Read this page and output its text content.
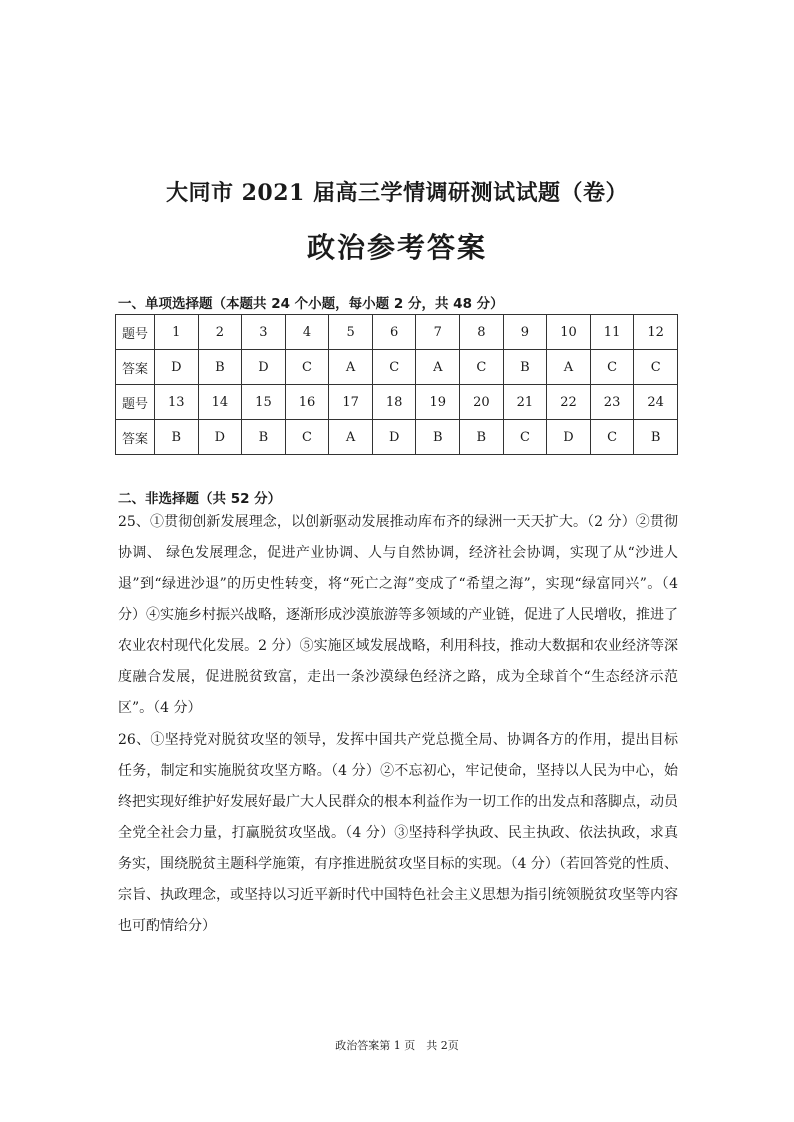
大同市 2021 届高三学情调研测试试题（卷）
政治参考答案
一、单项选择题（本题共 24 个小题，每小题 2 分，共 48 分）
题号	1	2	3	4	5	6	7	8	9	10	11	12
答案	D	B	D	C	A	C	A	C	B	A	C	C
题号	13	14	15	16	17	18	19	20	21	22	23	24
答案	B	D	B	C	A	D	B	B	C	D	C	B
二、非选择题（共 52 分）
25、①贯彻创新发展理念，以创新驱动发展推动库布齐的绿洲一天天扩大。（2 分）②贯彻协调、 绿色发展理念，促进产业协调、人与自然协调，经济社会协调，实现了从“沙进人退”到“绿进沙退”的历史性转变，将“死亡之海”变成了“希望之海”，实现“绿富同兴”。（4 分）④实施乡村振兴战略，逐渐形成沙漠旅游等多领域的产业链，促进了人民增收，推进了农业农村现代化发展。2 分）⑤实施区域发展战略，利用科技，推动大数据和农业经济等深度融合发展，促进脱贫致富，走出一条沙漠绿色经济之路，成为全球首个“生态经济示范区”。（4 分）
26、①坚持党对脱贫攻坚的领导，发挥中国共产党总揽全局、协调各方的作用，提出目标任务，制定和实施脱贫攻坚方略。（4 分）②不忘初心，牢记使命，坚持以人民为中心，始终把实现好维护好发展好最广大人民群众的根本利益作为一切工作的出发点和落脚点，动员全党全社会力量，打赢脱贫攻坚战。（4 分）③坚持科学执政、民主执政、依法执政，求真务实，围绕脱贫主题科学施策，有序推进脱贫攻坚目标的实现。（4 分）（若回答党的性质、宗旨、执政理念，或坚持以习近平新时代中国特色社会主义思想为指引统领脱贫攻坚等内容也可酌情给分）
政治答案第 1 页　共 2页
